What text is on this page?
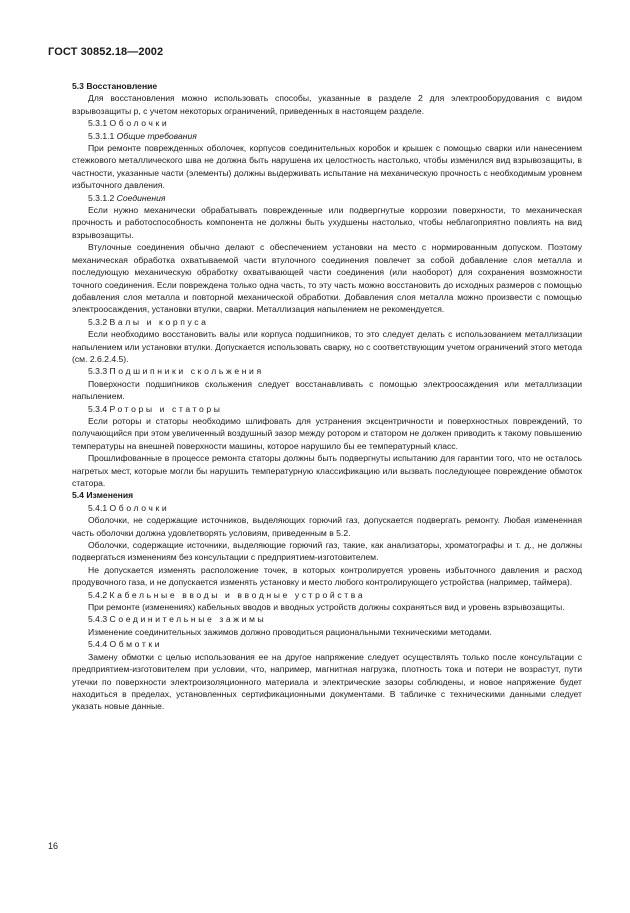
ГОСТ 30852.18—2002

5.3 Восстановление

Для восстановления можно использовать способы, указанные в разделе 2 для электрооборудования с видом взрывозащиты p, с учетом некоторых ограничений, приведенных в настоящем разделе.

5.3.1 Оболочки

5.3.1.1 Общие требования

При ремонте поврежденных оболочек, корпусов соединительных коробок и крышек с помощью сварки или нанесением стежкового металлического шва не должна быть нарушена их целостность настолько, чтобы изменился вид взрывозащиты, в частности, указанные части (элементы) должны выдерживать испытание на механическую прочность с необходимым уровнем избыточного давления.

5.3.1.2 Соединения

Если нужно механически обрабатывать поврежденные или подвергнутые коррозии поверхности, то механическая прочность и работоспособность компонента не должны быть ухудшены настолько, чтобы неблагоприятно повлиять на вид взрывозащиты.

Втулочные соединения обычно делают с обеспечением установки на место с нормированным допуском. Поэтому механическая обработка охватываемой части втулочного соединения повлечет за собой добавление слоя металла и последующую механическую обработку охватывающей части соединения (или наоборот) для сохранения возможности точного соединения. Если повреждена только одна часть, то эту часть можно восстановить до исходных размеров с помощью добавления слоя металла и повторной механической обработки. Добавления слоя металла можно произвести с помощью электроосаждения, установки втулки, сварки. Металлизация напылением не рекомендуется.

5.3.2 Валы и корпуса

Если необходимо восстановить валы или корпуса подшипников, то это следует делать с использованием металлизации напылением или установки втулки. Допускается использовать сварку, но с соответствующим учетом ограничений этого метода (см. 2.6.2.4.5).

5.3.3 Подшипники скольжения

Поверхности подшипников скольжения следует восстанавливать с помощью электроосаждения или металлизации напылением.

5.3.4 Роторы и статоры

Если роторы и статоры необходимо шлифовать для устранения эксцентричности и поверхностных повреждений, то получающийся при этом увеличенный воздушный зазор между ротором и статором не должен приводить к такому повышению температуры на внешней поверхности машины, которое нарушило бы ее температурный класс.

Прошлифованные в процессе ремонта статоры должны быть подвергнуты испытанию для гарантии того, что не осталось нагретых мест, которые могли бы нарушить температурную классификацию или вызвать последующее повреждение обмоток статора.

5.4 Изменения

5.4.1 Оболочки

Оболочки, не содержащие источников, выделяющих горючий газ, допускается подвергать ремонту. Любая измененная часть оболочки должна удовлетворять условиям, приведенным в 5.2.

Оболочки, содержащие источники, выделяющие горючий газ, такие, как анализаторы, хроматографы и т. д., не должны подвергаться изменениям без консультации с предприятием-изготовителем.

Не допускается изменять расположение точек, в которых контролируется уровень избыточного давления и расход продувочного газа, и не допускается изменять установку и место любого контролирующего устройства (например, таймера).

5.4.2 Кабельные вводы и вводные устройства

При ремонте (изменениях) кабельных вводов и вводных устройств должны сохраняться вид и уровень взрывозащиты.

5.4.3 Соединительные зажимы

Изменение соединительных зажимов должно проводиться рациональными техническими методами.

5.4.4 Обмотки

Замену обмотки с целью использования ее на другое напряжение следует осуществлять только после консультации с предприятием-изготовителем при условии, что, например, магнитная нагрузка, плотность тока и потери не возрастут, пути утечки по поверхности электроизоляционного материала и электрические зазоры соблюдены, и новое напряжение будет находиться в пределах, установленных сертификационными документами. В табличке с техническими данными следует указать новые данные.

16
